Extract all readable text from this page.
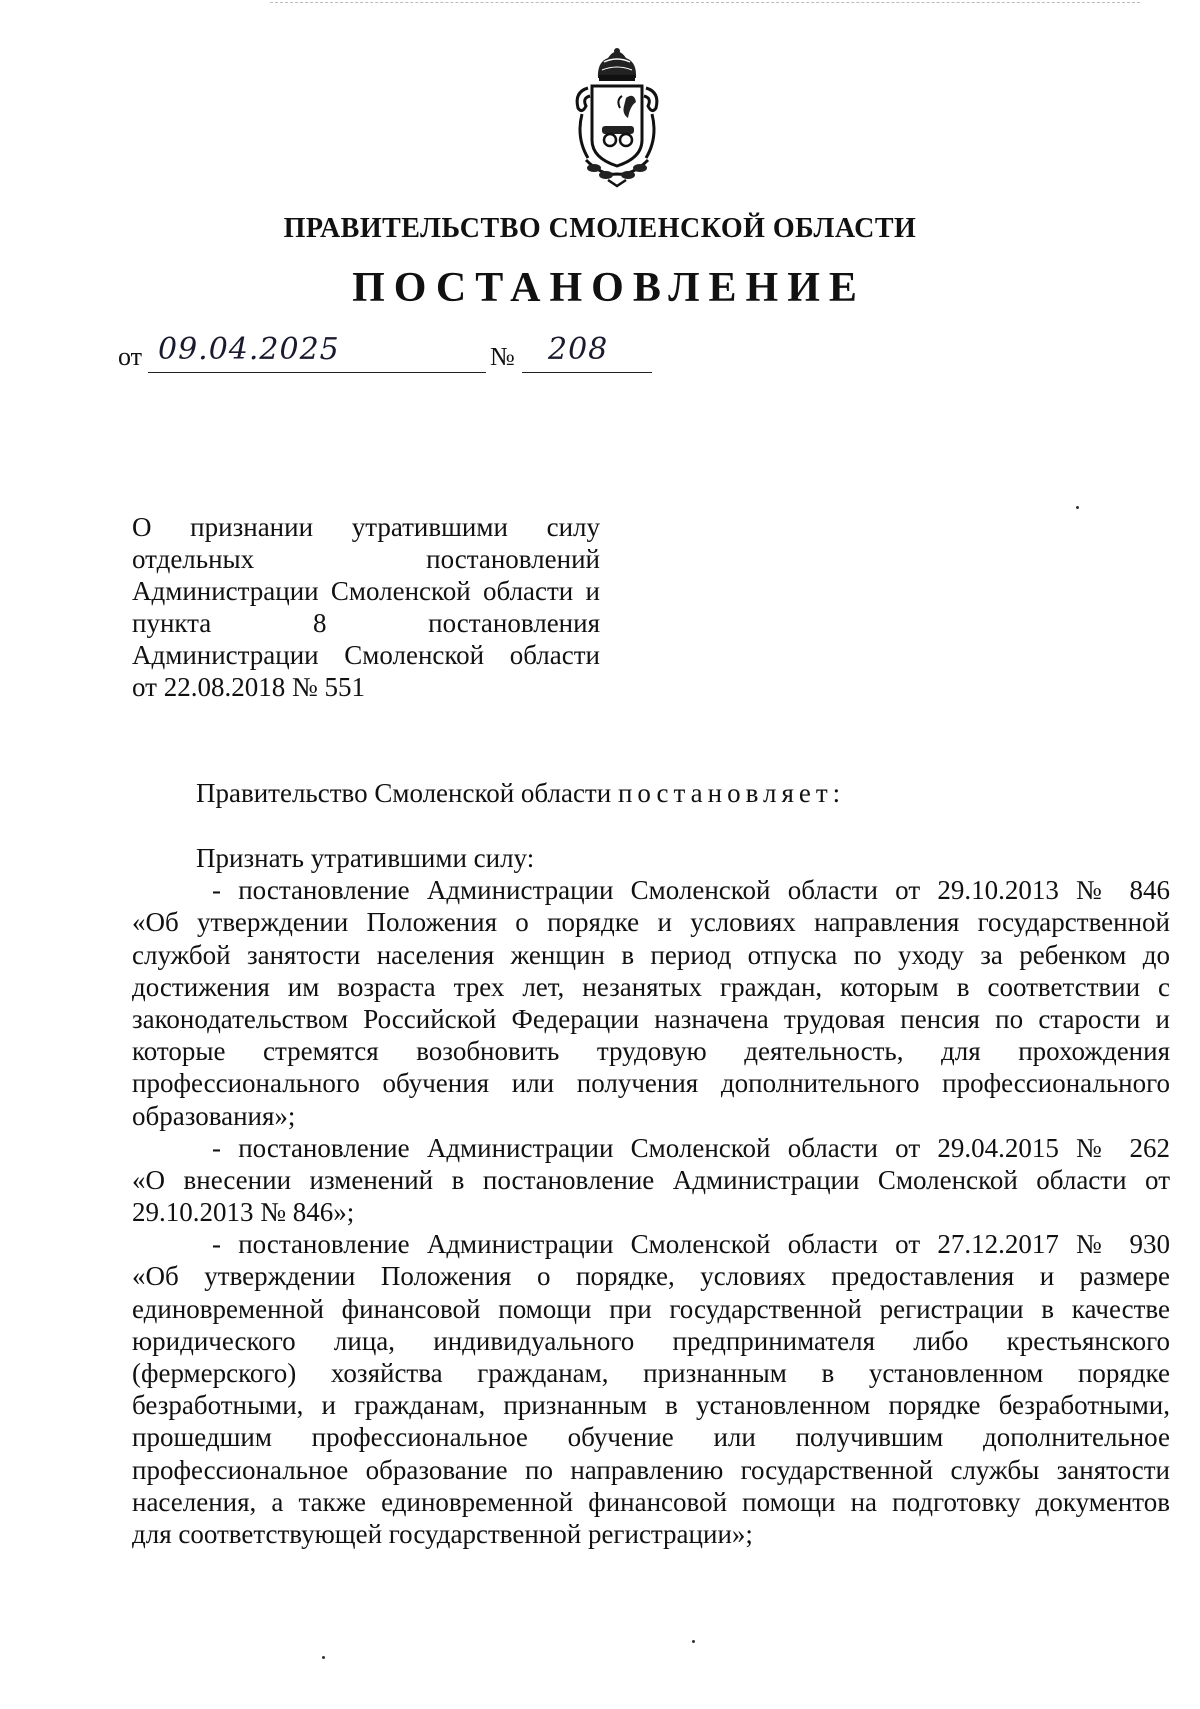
ПРАВИТЕЛЬСТВО СМОЛЕНСКОЙ ОБЛАСТИ
ПОСТАНОВЛЕНИЕ
от 09.04.2025	№ 208
О признании утратившими силу
отдельных постановлений
Администрации Смоленской области и
пункта 8 постановления
Администрации Смоленской области
от 22.08.2018 № 551
Правительство Смоленской области постановляет:
Признать утратившими силу:
- постановление Администрации Смоленской области от 29.10.2013 № 846
«Об утверждении Положения о порядке и условиях направления государственной
службой занятости населения женщин в период отпуска по уходу за ребенком до
достижения им возраста трех лет, незанятых граждан, которым в соответствии с
законодательством Российской Федерации назначена трудовая пенсия по старости и
которые стремятся возобновить трудовую деятельность, для прохождения
профессионального обучения или получения дополнительного профессионального
образования»;
- постановление Администрации Смоленской области от 29.04.2015 № 262
«О внесении изменений в постановление Администрации Смоленской области от
29.10.2013 № 846»;
- постановление Администрации Смоленской области от 27.12.2017 № 930
«Об утверждении Положения о порядке, условиях предоставления и размере
единовременной финансовой помощи при государственной регистрации в качестве
юридического лица, индивидуального предпринимателя либо крестьянского
(фермерского) хозяйства гражданам, признанным в установленном порядке
безработными, и гражданам, признанным в установленном порядке безработными,
прошедшим профессиональное обучение или получившим дополнительное
профессиональное образование по направлению государственной службы занятости
населения, а также единовременной финансовой помощи на подготовку документов
для соответствующей государственной регистрации»;
